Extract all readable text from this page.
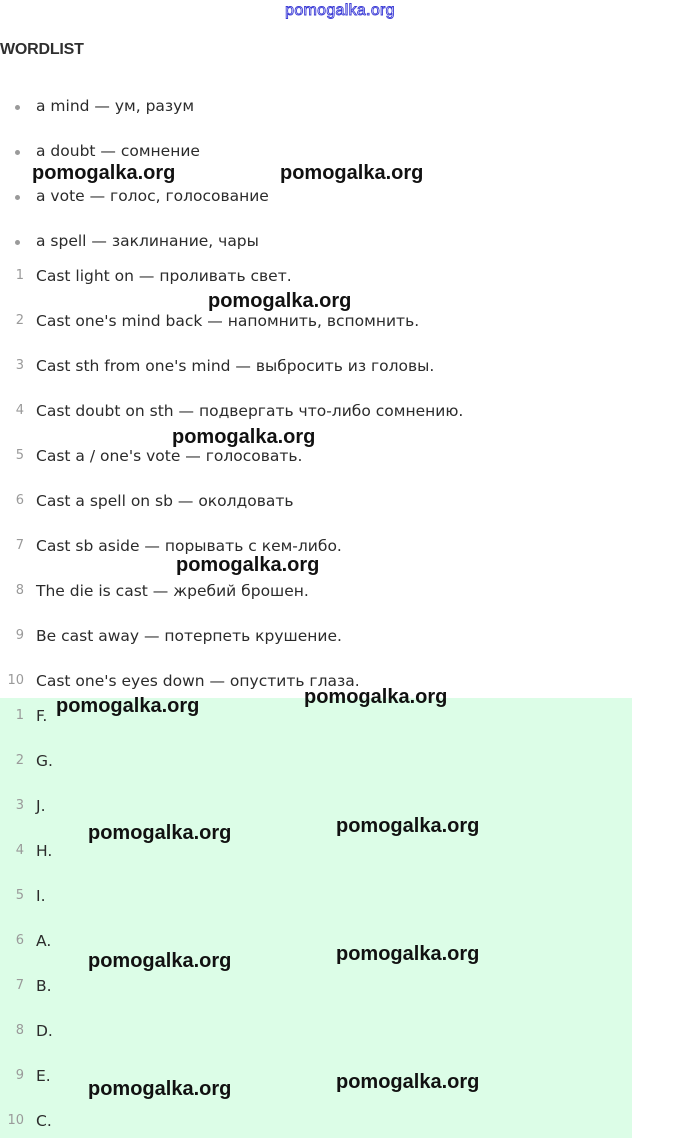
pomogalka.org
WORDLIST
a mind — ум, разум
a doubt — сомнение
a vote — голос, голосование
a spell — заклинание, чары
1 Cast light on — проливать свет.
2 Cast one's mind back — напомнить, вспомнить.
3 Cast sth from one's mind — выбросить из головы.
4 Cast doubt on sth — подвергать что-либо сомнению.
5 Cast a / one's vote — голосовать.
6 Cast a spell on sb — околдовать
7 Cast sb aside — порывать с кем-либо.
8 The die is cast — жребий брошен.
9 Be cast away — потерпеть крушение.
10 Cast one's eyes down — опустить глаза.
1 F.
2 G.
3 J.
4 H.
5 I.
6 A.
7 B.
8 D.
9 E.
10 C.
pomogalka.org	pomogalka.org
pomogalka.org
pomogalka.org
pomogalka.org
pomogalka.org
pomogalka.org
pomogalka.org
pomogalka.org
pomogalka.org
pomogalka.org
pomogalka.org
pomogalka.org
